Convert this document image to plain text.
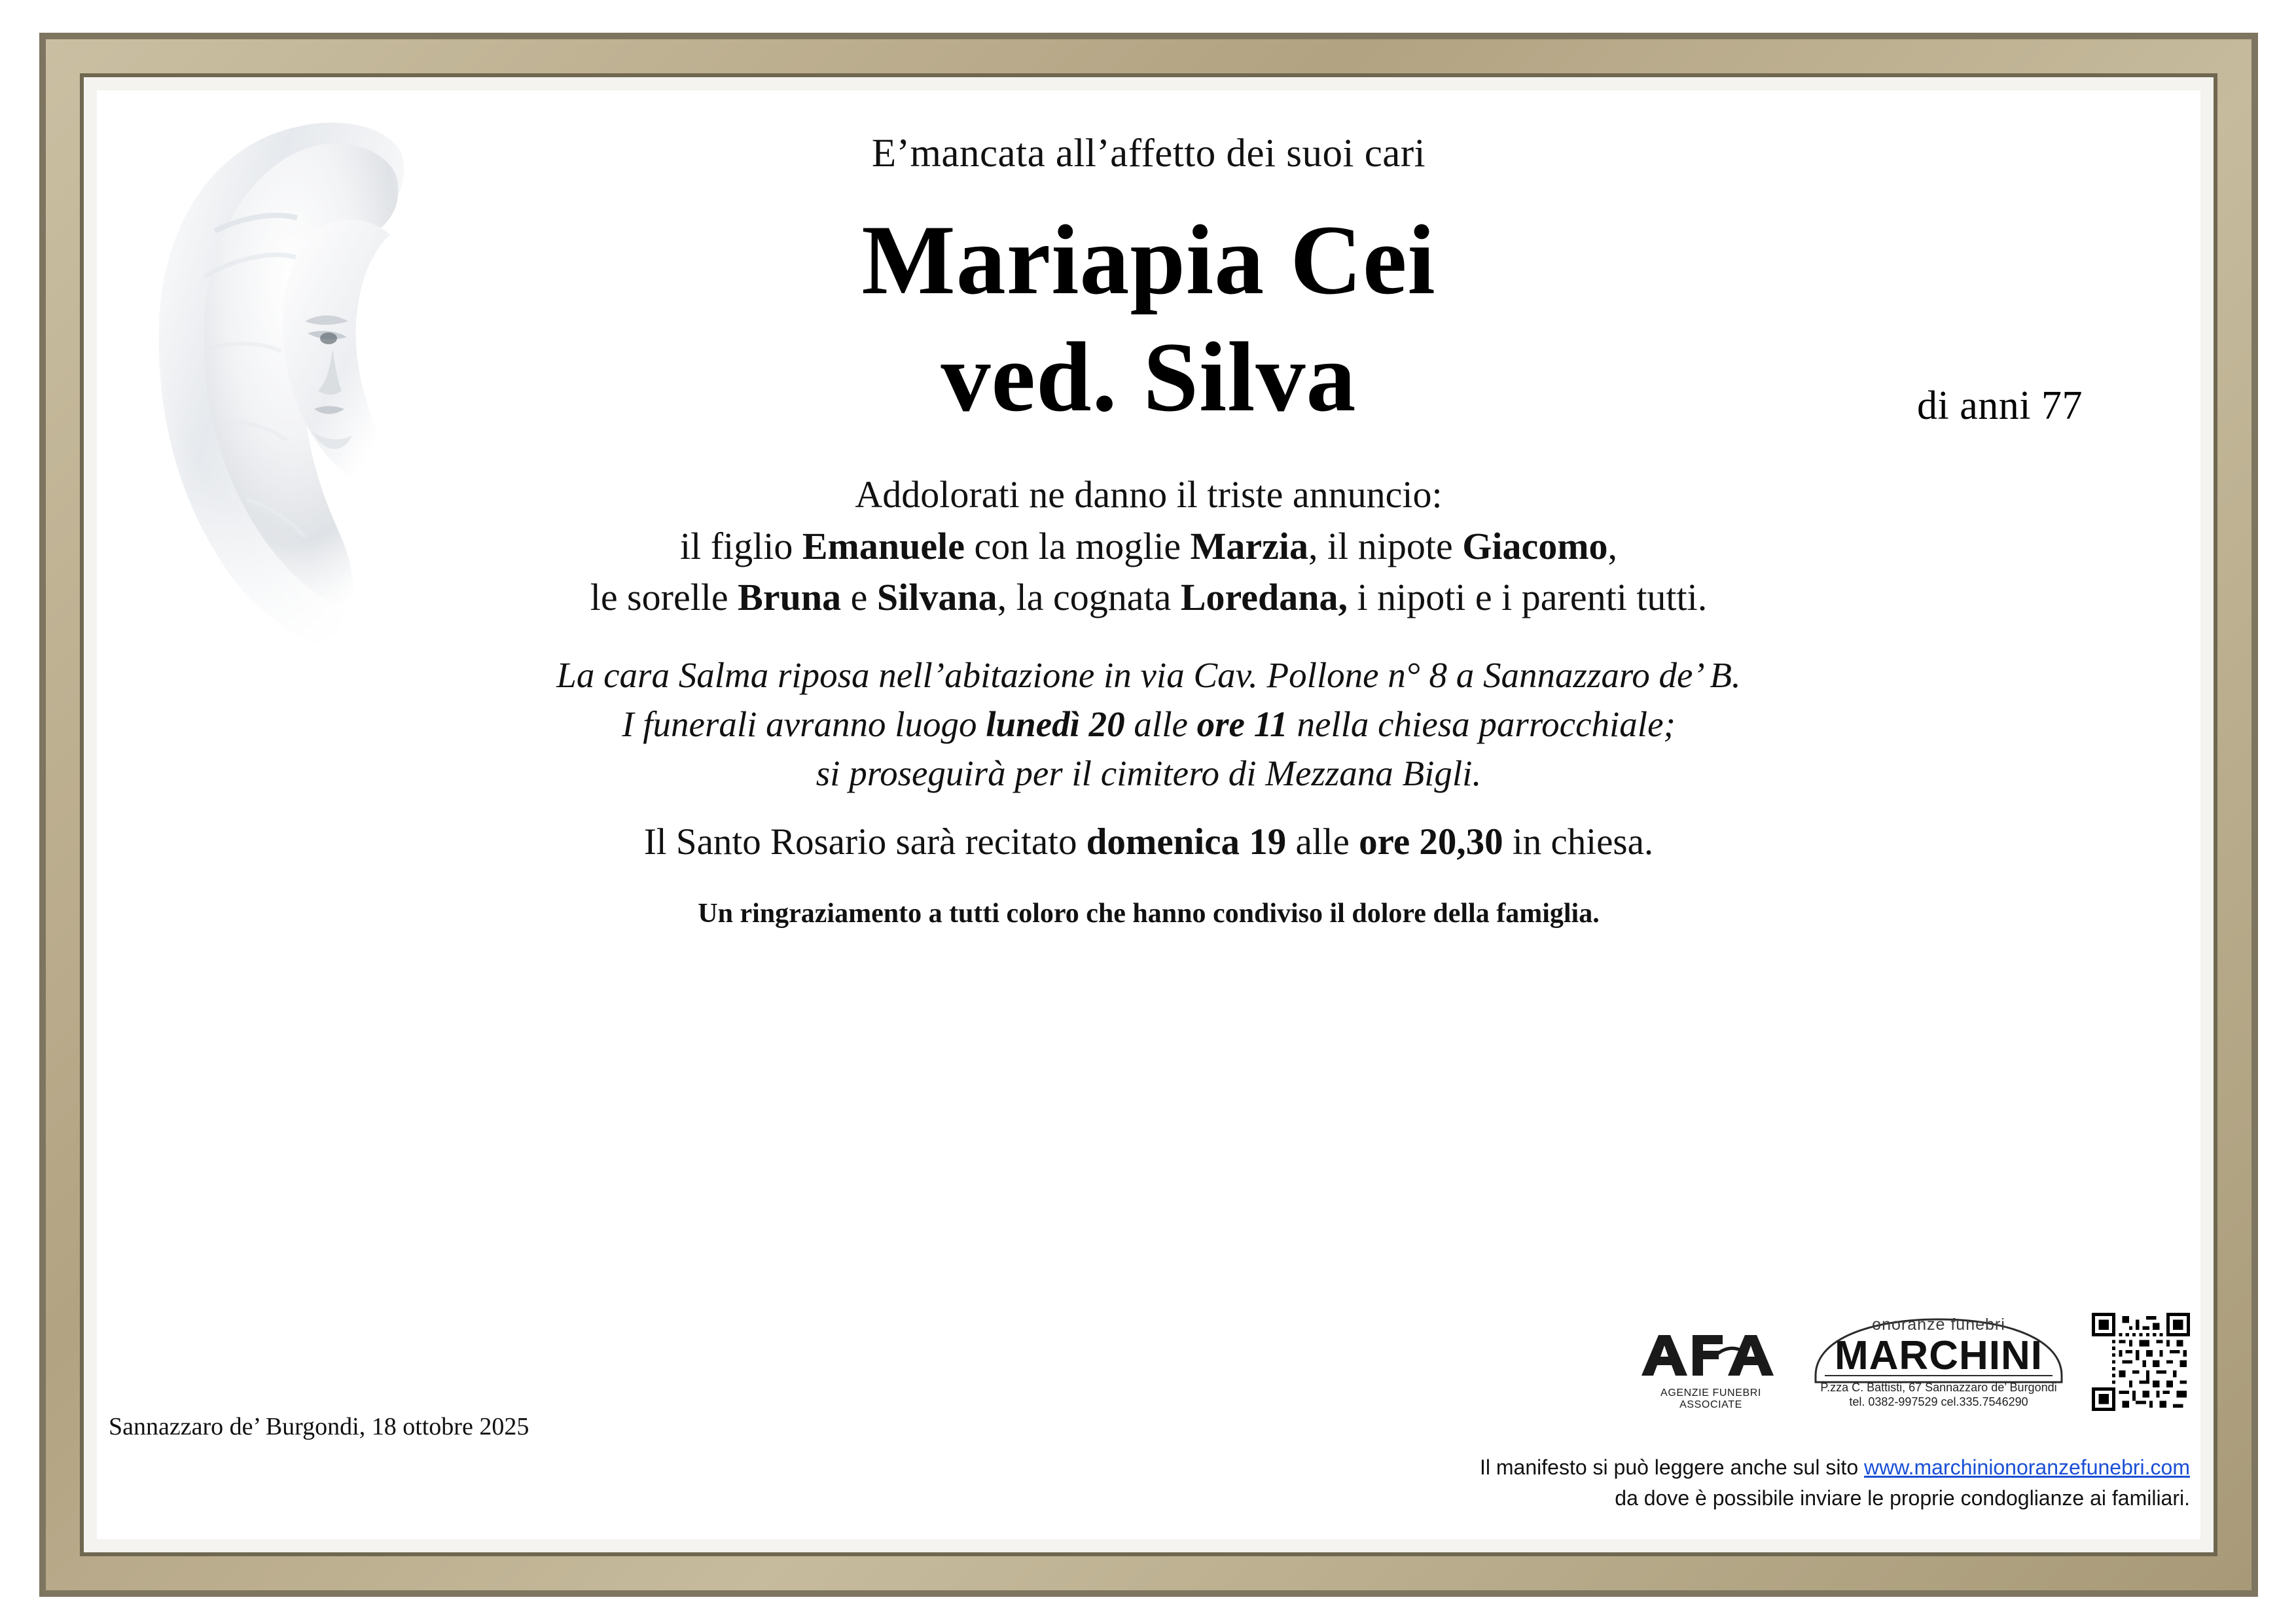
E’mancata all’affetto dei suoi cari
Mariapia Cei
ved. Silva	di anni 77
Addolorati ne danno il triste annuncio:
il figlio Emanuele con la moglie Marzia, il nipote Giacomo,
le sorelle Bruna e Silvana, la cognata Loredana, i nipoti e i parenti tutti.
La cara Salma riposa nell’abitazione in via Cav. Pollone n° 8 a Sannazzaro de’ B.
I funerali avranno luogo lunedì 20 alle ore 11 nella chiesa parrocchiale;
si proseguirà per il cimitero di Mezzana Bigli.
Il Santo Rosario sarà recitato domenica 19 alle ore 20,30 in chiesa.
Un ringraziamento a tutti coloro che hanno condiviso il dolore della famiglia.
Sannazzaro de’ Burgondi, 18 ottobre 2025
AGENZIE FUNEBRI ASSOCIATE
onoranze funebri
MARCHINI
P.zza C. Battisti, 67 Sannazzaro de’ Burgondi
tel. 0382-997529 cel.335.7546290
Il manifesto si può leggere anche sul sito www.marchinionoranzefunebri.com
da dove è possibile inviare le proprie condoglianze ai familiari.
